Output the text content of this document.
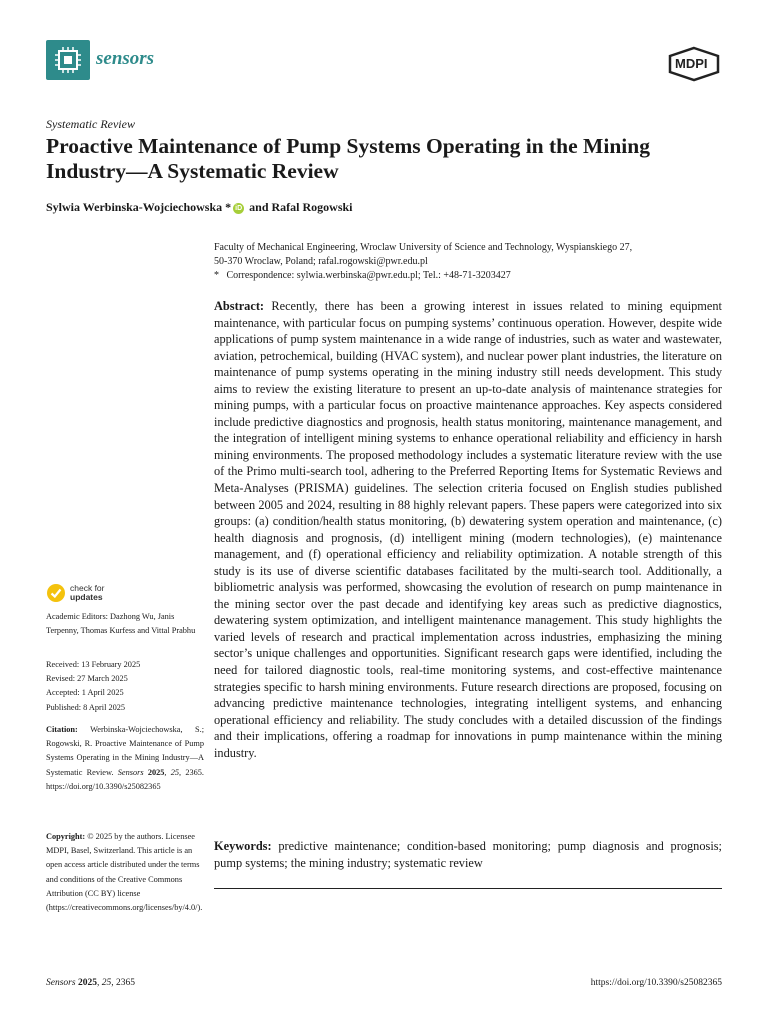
sensors	MDPI
Systematic Review
Proactive Maintenance of Pump Systems Operating in the Mining Industry—A Systematic Review
Sylwia Werbinska-Wojciechowska * iD and Rafal Rogowski
Faculty of Mechanical Engineering, Wroclaw University of Science and Technology, Wyspianskiego 27,
50-370 Wroclaw, Poland; rafal.rogowski@pwr.edu.pl
*   Correspondence: sylwia.werbinska@pwr.edu.pl; Tel.: +48-71-3203427

Abstract: Recently, there has been a growing interest in issues related to mining equipment maintenance, with particular focus on pumping systems’ continuous operation. However, despite wide applications of pump system maintenance in a wide range of industries, such as water and wastewater, aviation, petrochemical, building (HVAC system), and nuclear power plant industries, the literature on maintenance of pump systems operating in the mining industry still needs development. This study aims to review the existing literature to present an up-to-date analysis of maintenance strategies for mining pumps, with a particular focus on proactive maintenance approaches. Key aspects considered include predictive diagnostics and prognosis, health status monitoring, maintenance management, and the integration of intelligent mining systems to enhance operational reliability and efficiency in harsh mining environments. The proposed methodology includes a systematic literature review with the use of the Primo multi-search tool, adhering to the Preferred Reporting Items for Systematic Reviews and Meta-Analyses (PRISMA) guidelines. The selection criteria focused on English studies published between 2005 and 2024, resulting in 88 highly relevant papers. These papers were categorized into six groups: (a) condition/health status monitoring, (b) dewatering system operation and maintenance, (c) health diagnosis and prognosis, (d) intelligent mining (modern technologies), (e) maintenance management, and (f) operational efficiency and reliability optimization. A notable strength of this study is its use of diverse scientific databases facilitated by the multi-search tool. Additionally, a bibliometric analysis was performed, showcasing the evolution of research on pump maintenance in the mining sector over the past decade and identifying key areas such as predictive diagnostics, dewatering system optimization, and intelligent maintenance management. This study highlights the varied levels of research and practical implementation across industries, emphasizing the mining sector’s unique challenges and opportunities. Significant research gaps were identified, including the need for tailored diagnostic tools, real-time monitoring systems, and cost-effective maintenance strategies specific to harsh mining environments. Future research directions are proposed, focusing on advancing predictive maintenance technologies, integrating intelligent systems, and enhancing operational efficiency and reliability. The study concludes with a detailed discussion of the findings and their implications, offering a roadmap for innovations in pump maintenance within the mining industry.

Keywords: predictive maintenance; condition-based monitoring; pump diagnosis and prognosis; pump systems; the mining industry; systematic review

check for
updates
Academic Editors: Dazhong Wu, Janis Terpenny, Thomas Kurfess and Vittal Prabhu
Received: 13 February 2025
Revised: 27 March 2025
Accepted: 1 April 2025
Published: 8 April 2025
Citation: Werbinska-Wojciechowska, S.; Rogowski, R. Proactive Maintenance of Pump Systems Operating in the Mining Industry—A Systematic Review. Sensors 2025, 25, 2365. https://doi.org/10.3390/s25082365
Copyright: © 2025 by the authors. Licensee MDPI, Basel, Switzerland. This article is an open access article distributed under the terms and conditions of the Creative Commons Attribution (CC BY) license (https://creativecommons.org/licenses/by/4.0/).
Sensors 2025, 25, 2365	https://doi.org/10.3390/s25082365
